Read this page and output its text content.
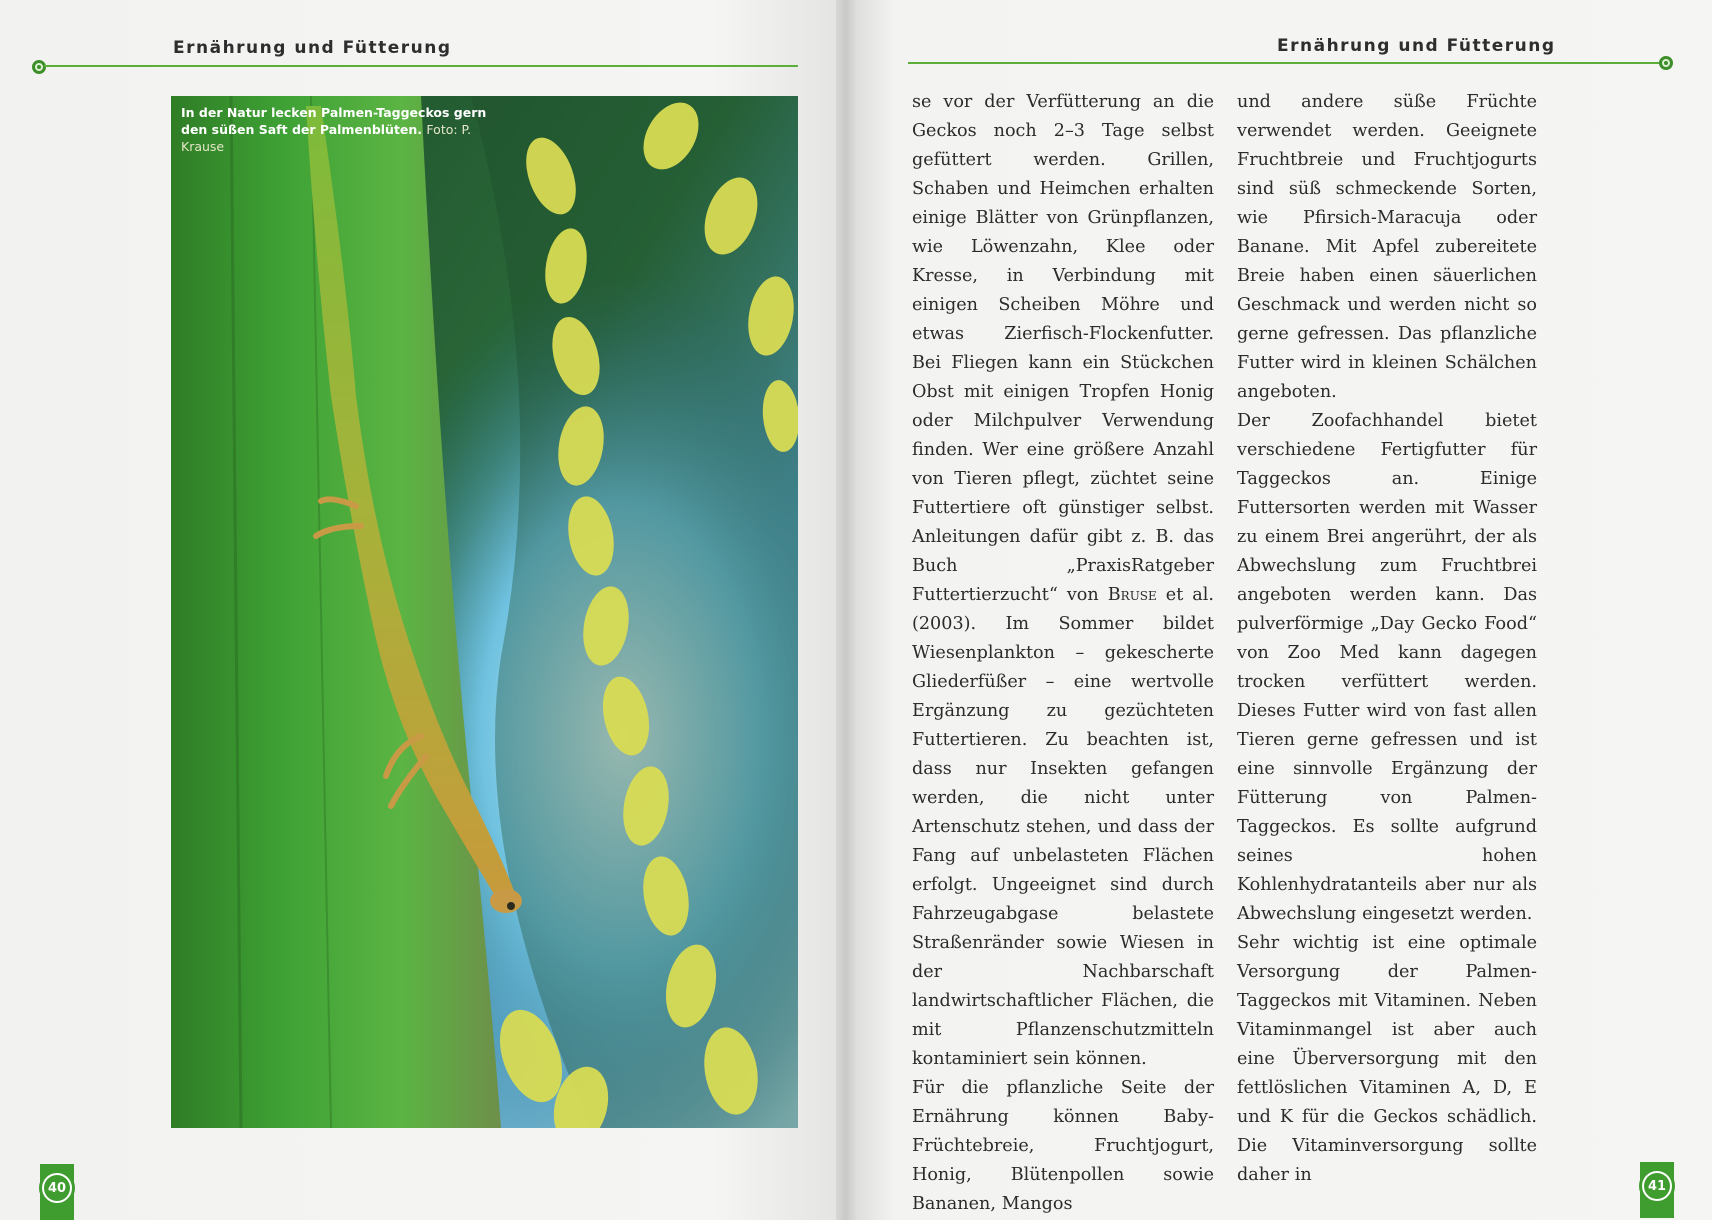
Ernährung und Fütterung
In der Natur lecken Palmen-Taggeckos gern den süßen Saft der Palmenblüten. Foto: P. Krause
40
Ernährung und Fütterung

se vor der Verfütterung an die Geckos noch 2–3 Tage selbst gefüttert werden. Grillen, Schaben und Heimchen erhalten einige Blätter von Grünpflanzen, wie Löwenzahn, Klee oder Kresse, in Verbindung mit einigen Scheiben Möhre und etwas Zierfisch-Flockenfutter. Bei Fliegen kann ein Stückchen Obst mit einigen Tropfen Honig oder Milchpulver Verwendung finden. Wer eine größere Anzahl von Tieren pflegt, züchtet seine Futtertiere oft günstiger selbst. Anleitungen dafür gibt z. B. das Buch „PraxisRatgeber Futtertierzucht“ von Bruse et al. (2003). Im Sommer bildet Wiesenplankton – gekescherte Gliederfüßer – eine wertvolle Ergänzung zu gezüchteten Futtertieren. Zu beachten ist, dass nur Insekten gefangen werden, die nicht unter Artenschutz stehen, und dass der Fang auf unbelasteten Flächen erfolgt. Ungeeignet sind durch Fahrzeugabgase belastete Straßenränder sowie Wiesen in der Nachbarschaft landwirtschaftlicher Flächen, die mit Pflanzenschutzmitteln kontaminiert sein können.

Für die pflanzliche Seite der Ernährung können Baby-Früchtebreie, Fruchtjogurt, Honig, Blütenpollen sowie Bananen, Mangos

und andere süße Früchte verwendet werden. Geeignete Fruchtbreie und Fruchtjogurts sind süß schmeckende Sorten, wie Pfirsich-Maracuja oder Banane. Mit Apfel zubereitete Breie haben einen säuerlichen Geschmack und werden nicht so gerne gefressen. Das pflanzliche Futter wird in kleinen Schälchen angeboten.

Der Zoofachhandel bietet verschiedene Fertigfutter für Taggeckos an. Einige Futtersorten werden mit Wasser zu einem Brei angerührt, der als Abwechslung zum Fruchtbrei angeboten werden kann. Das pulverförmige „Day Gecko Food“ von Zoo Med kann dagegen trocken verfüttert werden. Dieses Futter wird von fast allen Tieren gerne gefressen und ist eine sinnvolle Ergänzung der Fütterung von Palmen-Taggeckos. Es sollte aufgrund seines hohen Kohlenhydratanteils aber nur als Abwechslung eingesetzt werden.

Sehr wichtig ist eine optimale Versorgung der Palmen-Taggeckos mit Vitaminen. Neben Vitaminmangel ist aber auch eine Überversorgung mit den fettlöslichen Vitaminen A, D, E und K für die Geckos schädlich. Die Vitaminversorgung sollte daher in

41
